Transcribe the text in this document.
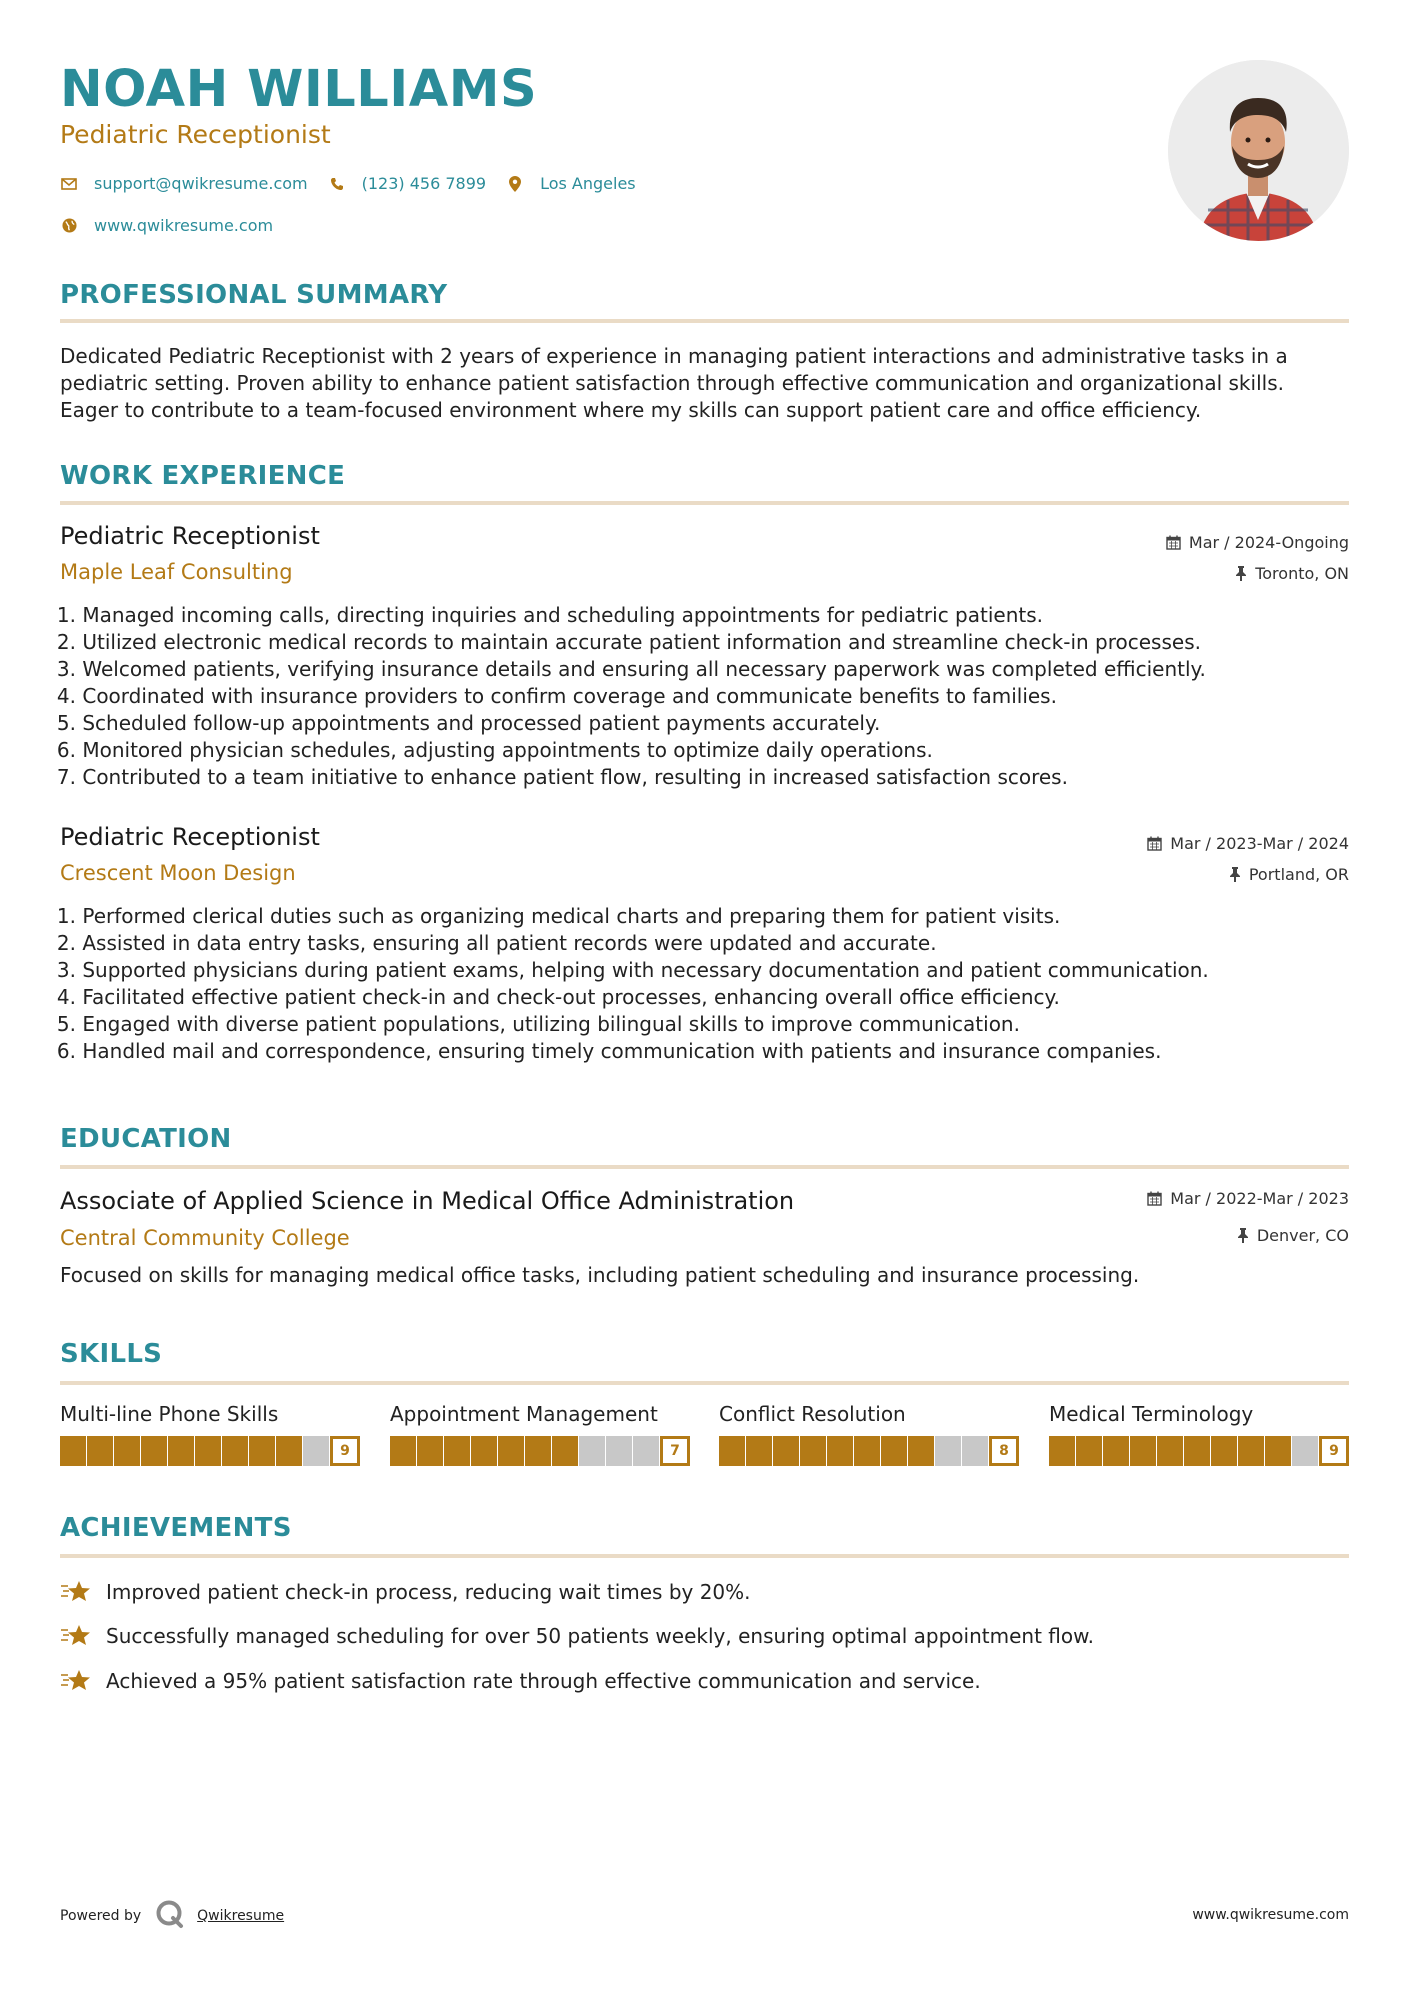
NOAH WILLIAMS
Pediatric Receptionist
support@qwikresume.com	(123) 456 7899	Los Angeles
www.qwikresume.com
PROFESSIONAL SUMMARY
Dedicated Pediatric Receptionist with 2 years of experience in managing patient interactions and administrative tasks in a
pediatric setting. Proven ability to enhance patient satisfaction through effective communication and organizational skills.
Eager to contribute to a team-focused environment where my skills can support patient care and office efficiency.
WORK EXPERIENCE
Pediatric Receptionist
Maple Leaf Consulting
Mar / 2024-Ongoing
Toronto, ON
1. Managed incoming calls, directing inquiries and scheduling appointments for pediatric patients.
2. Utilized electronic medical records to maintain accurate patient information and streamline check-in processes.
3. Welcomed patients, verifying insurance details and ensuring all necessary paperwork was completed efficiently.
4. Coordinated with insurance providers to confirm coverage and communicate benefits to families.
5. Scheduled follow-up appointments and processed patient payments accurately.
6. Monitored physician schedules, adjusting appointments to optimize daily operations.
7. Contributed to a team initiative to enhance patient flow, resulting in increased satisfaction scores.
Pediatric Receptionist
Crescent Moon Design
Mar / 2023-Mar / 2024
Portland, OR
1. Performed clerical duties such as organizing medical charts and preparing them for patient visits.
2. Assisted in data entry tasks, ensuring all patient records were updated and accurate.
3. Supported physicians during patient exams, helping with necessary documentation and patient communication.
4. Facilitated effective patient check-in and check-out processes, enhancing overall office efficiency.
5. Engaged with diverse patient populations, utilizing bilingual skills to improve communication.
6. Handled mail and correspondence, ensuring timely communication with patients and insurance companies.
EDUCATION
Associate of Applied Science in Medical Office Administration
Central Community College
Mar / 2022-Mar / 2023
Denver, CO
Focused on skills for managing medical office tasks, including patient scheduling and insurance processing.
SKILLS
Multi-line Phone Skills
9
Appointment Management
7
Conflict Resolution
8
Medical Terminology
9
ACHIEVEMENTS
Improved patient check-in process, reducing wait times by 20%.
Successfully managed scheduling for over 50 patients weekly, ensuring optimal appointment flow.
Achieved a 95% patient satisfaction rate through effective communication and service.
Powered by	Qwikresume	www.qwikresume.com
